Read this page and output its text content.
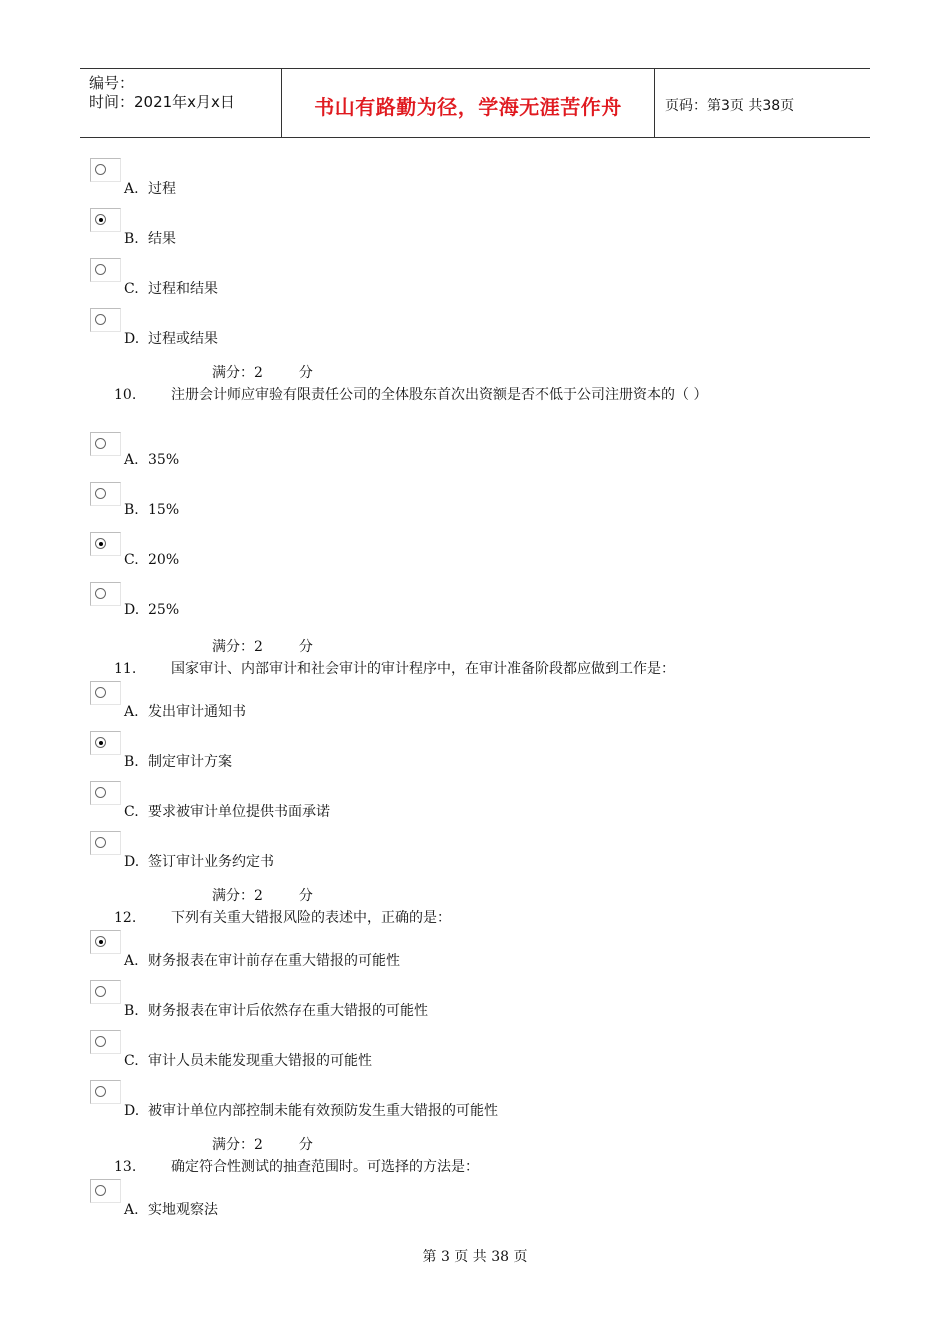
编号：
时间：2021年x月x日	书山有路勤为径，学海无涯苦作舟	页码：第3页 共38页
A. 过程
B. 结果
C. 过程和结果
D. 过程或结果
满分：2	分
10. 注册会计师应审验有限责任公司的全体股东首次出资额是否不低于公司注册资本的（ ）
A. 35%
B. 15%
C. 20%
D. 25%
满分：2	分
11. 国家审计、内部审计和社会审计的审计程序中，在审计准备阶段都应做到工作是：
A. 发出审计通知书
B. 制定审计方案
C. 要求被审计单位提供书面承诺
D. 签订审计业务约定书
满分：2	分
12. 下列有关重大错报风险的表述中，正确的是：
A. 财务报表在审计前存在重大错报的可能性
B. 财务报表在审计后依然存在重大错报的可能性
C. 审计人员未能发现重大错报的可能性
D. 被审计单位内部控制未能有效预防发生重大错报的可能性
满分：2	分
13. 确定符合性测试的抽查范围时。可选择的方法是：
A. 实地观察法
第 3 页 共 38 页
